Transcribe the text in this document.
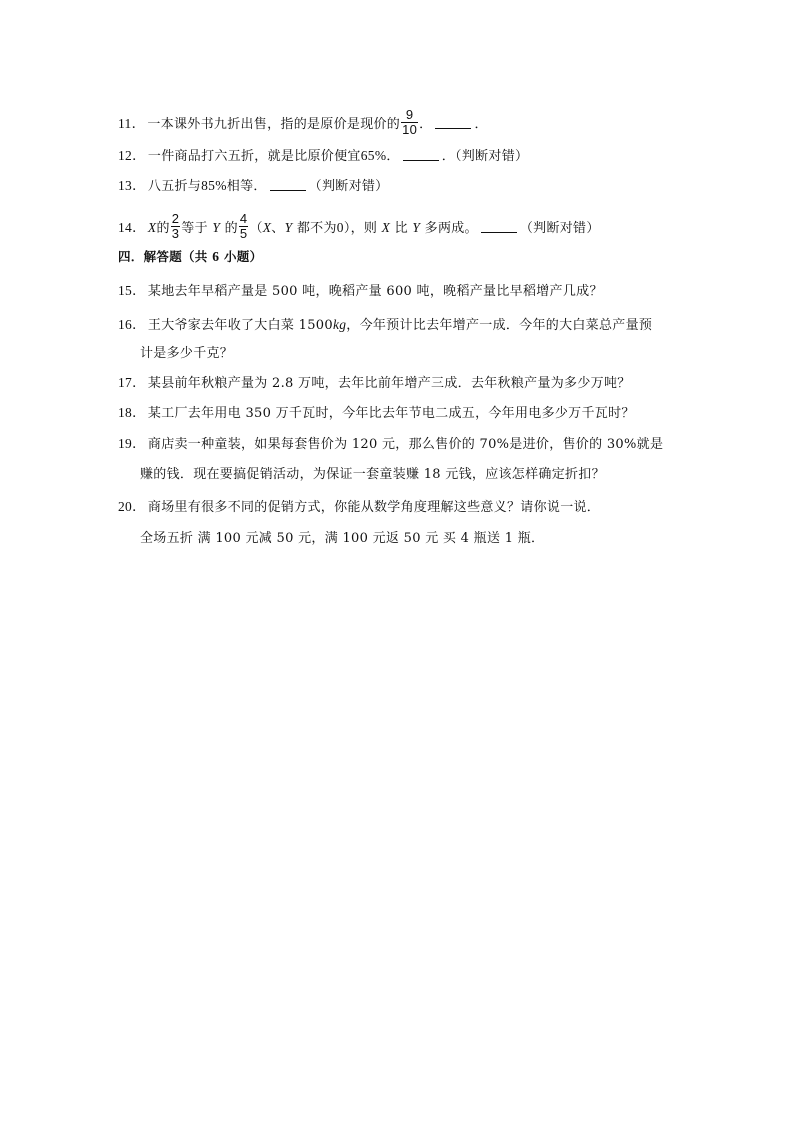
11． 一本课外书九折出售，指的是原价是现价的 $\frac{9}{10}$ ．	．
12． 一件商品打六五折，就是比原价便宜65%．	．（判断对错）
13． 八五折与85%相等．	（判断对错）
14． X的 $\frac{2}{3}$ 等于 Y 的 $\frac{4}{5} (X$、Y 都不为0），则 X 比 Y 多两成。	（判断对错）
四．解答题（共 6 小题）
15． 某地去年早稻产量是 500 吨，晚稻产量 600 吨，晚稻产量比早稻增产几成？
16． 王大爷家去年收了大白菜 1500kg，今年预计比去年增产一成．今年的大白菜总产量预
计是多少千克？
17． 某县前年秋粮产量为 2.8 万吨，去年比前年增产三成．去年秋粮产量为多少万吨？
18． 某工厂去年用电 350 万千瓦时，今年比去年节电二成五，今年用电多少万千瓦时？
19． 商店卖一种童装，如果每套售价为 120 元，那么售价的 70%是进价，售价的 30%就是
赚的钱．现在要搞促销活动，为保证一套童装赚 18 元钱，应该怎样确定折扣？
20． 商场里有很多不同的促销方式，你能从数学角度理解这些意义？请你说一说．
全场五折 满 100 元减 50 元，满 100 元返 50 元 买 4 瓶送 1 瓶．
